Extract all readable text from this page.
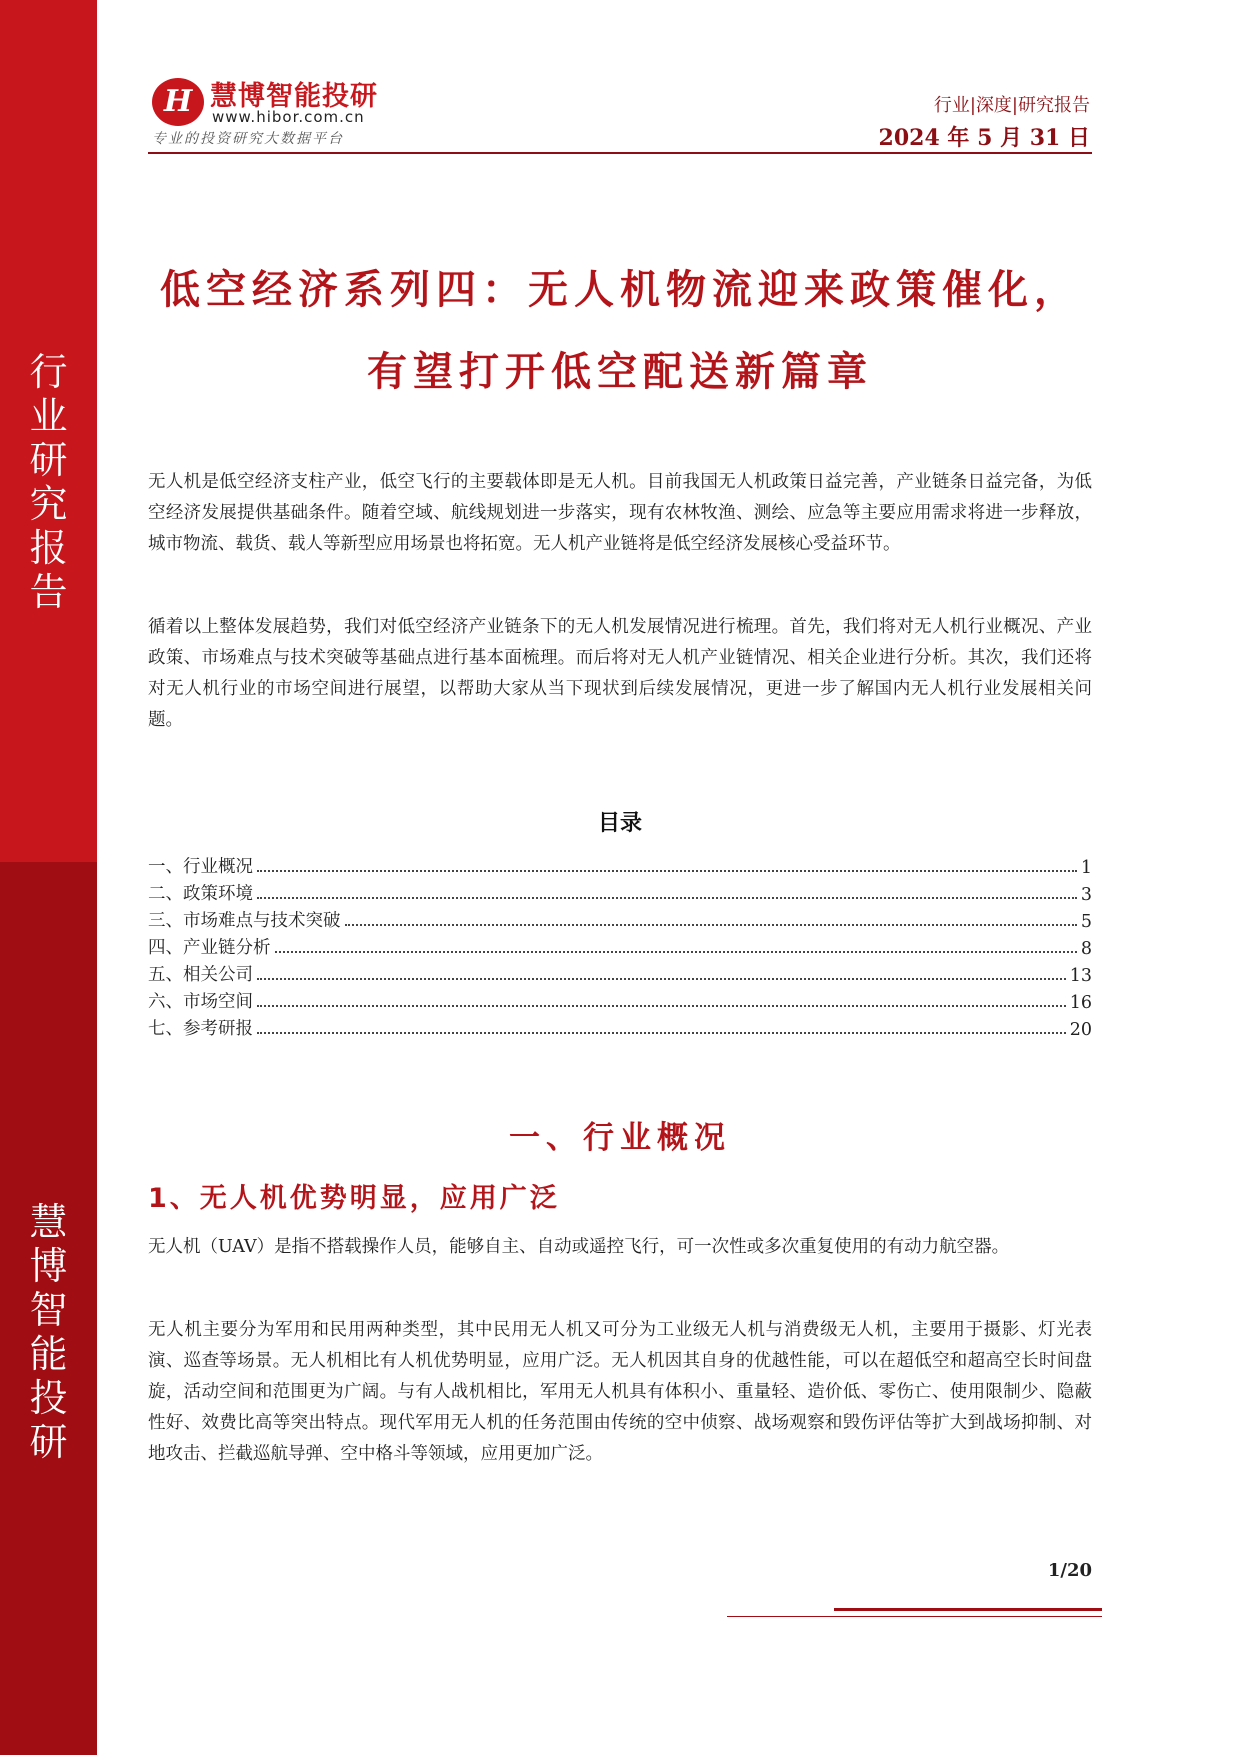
行
业
研
究
报
告
慧
博
智
能
投
研
H 慧博智能投研
www.hibor.com.cn
专业的投资研究大数据平台
行业|深度|研究报告
2024 年 5 月 31 日
低空经济系列四：无人机物流迎来政策催化，
有望打开低空配送新篇章
无人机是低空经济支柱产业，低空飞行的主要载体即是无人机。目前我国无人机政策日益完善，产业链条日益完备，为低空经济发展提供基础条件。随着空域、航线规划进一步落实，现有农林牧渔、测绘、应急等主要应用需求将进一步释放，城市物流、载货、载人等新型应用场景也将拓宽。无人机产业链将是低空经济发展核心受益环节。
循着以上整体发展趋势，我们对低空经济产业链条下的无人机发展情况进行梳理。首先，我们将对无人机行业概况、产业政策、市场难点与技术突破等基础点进行基本面梳理。而后将对无人机产业链情况、相关企业进行分析。其次，我们还将对无人机行业的市场空间进行展望，以帮助大家从当下现状到后续发展情况，更进一步了解国内无人机行业发展相关问题。
目录
一、行业概况	1
二、政策环境	3
三、市场难点与技术突破	5
四、产业链分析	8
五、相关公司	13
六、市场空间	16
七、参考研报	20
一、行业概况
1、无人机优势明显，应用广泛
无人机（UAV）是指不搭载操作人员，能够自主、自动或遥控飞行，可一次性或多次重复使用的有动力航空器。
无人机主要分为军用和民用两种类型，其中民用无人机又可分为工业级无人机与消费级无人机，主要用于摄影、灯光表演、巡查等场景。无人机相比有人机优势明显，应用广泛。无人机因其自身的优越性能，可以在超低空和超高空长时间盘旋，活动空间和范围更为广阔。与有人战机相比，军用无人机具有体积小、重量轻、造价低、零伤亡、使用限制少、隐蔽性好、效费比高等突出特点。现代军用无人机的任务范围由传统的空中侦察、战场观察和毁伤评估等扩大到战场抑制、对地攻击、拦截巡航导弹、空中格斗等领域，应用更加广泛。
1/20
